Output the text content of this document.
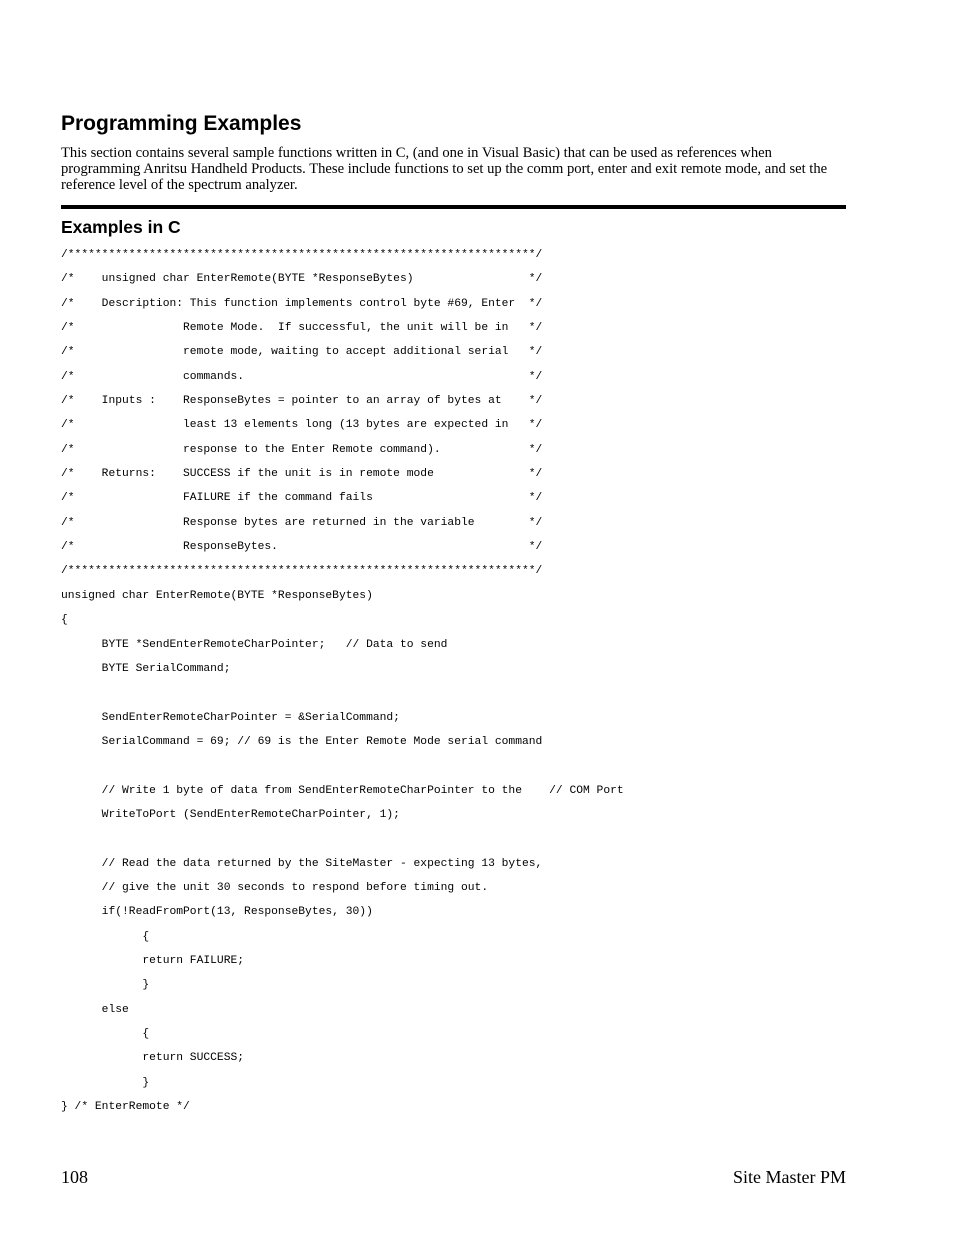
Programming Examples

This section contains several sample functions written in C, (and one in Visual Basic) that can be used as references when programming Anritsu Handheld Products. These include functions to set up the comm port, enter and exit remote mode, and set the reference level of the spectrum analyzer.

Examples in C
/*********************************************************************/
/*    unsigned char EnterRemote(BYTE *ResponseBytes)                 */
/*    Description: This function implements control byte #69, Enter  */
/*                Remote Mode.  If successful, the unit will be in   */
/*                remote mode, waiting to accept additional serial   */
/*                commands.                                          */
/*    Inputs :    ResponseBytes = pointer to an array of bytes at    */
/*                least 13 elements long (13 bytes are expected in   */
/*                response to the Enter Remote command).             */
/*    Returns:    SUCCESS if the unit is in remote mode              */
/*                FAILURE if the command fails                       */
/*                Response bytes are returned in the variable        */
/*                ResponseBytes.                                     */
/*********************************************************************/
unsigned char EnterRemote(BYTE *ResponseBytes)
{
BYTE *SendEnterRemoteCharPointer;   // Data to send
BYTE SerialCommand;
SendEnterRemoteCharPointer = &SerialCommand;
SerialCommand = 69; // 69 is the Enter Remote Mode serial command
// Write 1 byte of data from SendEnterRemoteCharPointer to the    // COM Port
WriteToPort (SendEnterRemoteCharPointer, 1);
// Read the data returned by the SiteMaster - expecting 13 bytes,
// give the unit 30 seconds to respond before timing out.
if(!ReadFromPort(13, ResponseBytes, 30))
{
return FAILURE;
}
else
{
return SUCCESS;
}
} /* EnterRemote */
108	Site Master PM
